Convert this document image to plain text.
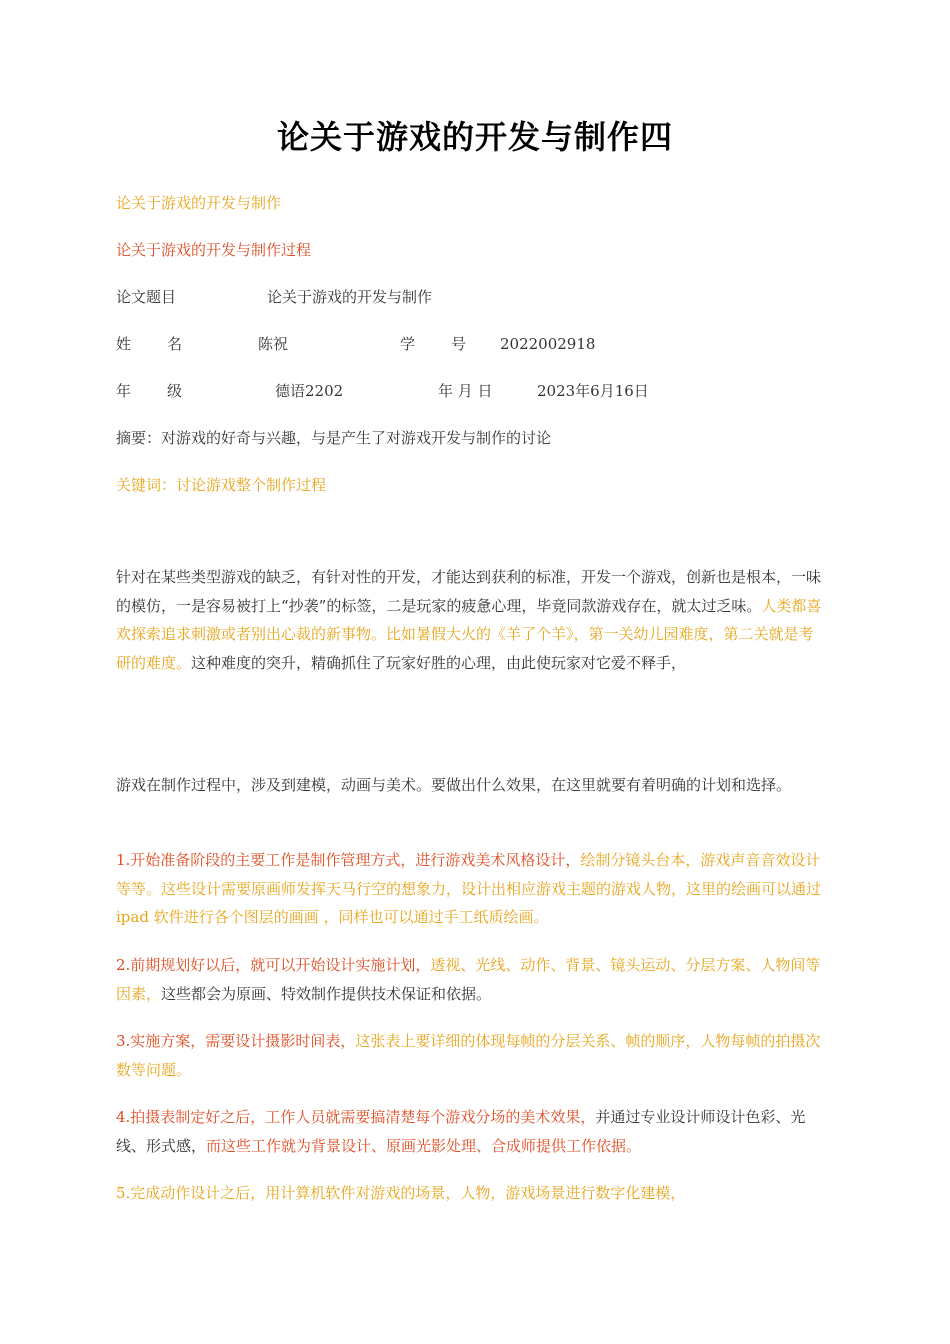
论关于游戏的开发与制作四
论关于游戏的开发与制作
论关于游戏的开发与制作过程
论文题目	论关于游戏的开发与制作
姓 名	陈祝	学 号 2022002918
年 级	德语2202	年 月 日	2023年6月16日
摘要：对游戏的好奇与兴趣，与是产生了对游戏开发与制作的讨论
关键词：讨论游戏整个制作过程

针对在某些类型游戏的缺乏，有针对性的开发，才能达到获利的标准，开发一个游戏，创新也是根本，一味的模仿，一是容易被打上“抄袭”的标签，二是玩家的疲惫心理，毕竟同款游戏存在，就太过乏味。人类都喜欢探索追求刺激或者别出心裁的新事物。比如暑假大火的《羊了个羊》，第一关幼儿园难度，第二关就是考研的难度。这种难度的突升，精确抓住了玩家好胜的心理，由此使玩家对它爱不释手，

游戏在制作过程中，涉及到建模，动画与美术。要做出什么效果，在这里就要有着明确的计划和选择。

1.开始准备阶段的主要工作是制作管理方式，进行游戏美术风格设计，绘制分镜头台本，游戏声音音效设计等等。这些设计需要原画师发挥天马行空的想象力，设计出相应游戏主题的游戏人物，这里的绘画可以通过 ipad 软件进行各个图层的画画 ，同样也可以通过手工纸质绘画。

2.前期规划好以后，就可以开始设计实施计划，透视、光线、动作、背景、镜头运动、分层方案、人物间等因素，这些都会为原画、特效制作提供技术保证和依据。

3.实施方案，需要设计摄影时间表，这张表上要详细的体现每帧的分层关系、帧的顺序，人物每帧的拍摄次数等问题。

4.拍摄表制定好之后，工作人员就需要搞清楚每个游戏分场的美术效果，并通过专业设计师设计色彩、光线、形式感，而这些工作就为背景设计、原画光影处理、合成师提供工作依据。

5.完成动作设计之后，用计算机软件对游戏的场景，人物，游戏场景进行数字化建模，
